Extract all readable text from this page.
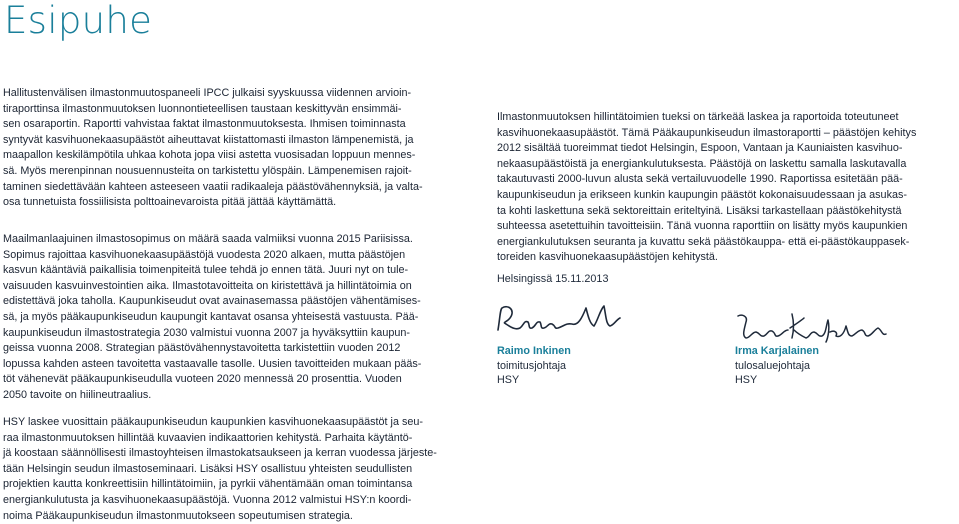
Esipuhe

Hallitustenvälisen ilmastonmuutospaneeli IPCC julkaisi syyskuussa viidennen arvioin-
tiraporttinsa ilmastonmuutoksen luonnontieteellisen taustaan keskittyvän ensimmäi-
sen osaraportin. Raportti vahvistaa faktat ilmastonmuutoksesta. Ihmisen toiminnasta
syntyvät kasvihuonekaasupäästöt aiheuttavat kiistattomasti ilmaston lämpenemistä, ja
maapallon keskilämpötila uhkaa kohota jopa viisi astetta vuosisadan loppuun mennes-
sä. Myös merenpinnan nousuennusteita on tarkistettu ylöspäin. Lämpenemisen rajoit-
taminen siedettävään kahteen asteeseen vaatii radikaaleja päästövähennyksiä, ja valta-
osa tunnetuista fossiilisista polttoainevaroista pitää jättää käyttämättä.

Maailmanlaajuinen ilmastosopimus on määrä saada valmiiksi vuonna 2015 Pariisissa.
Sopimus rajoittaa kasvihuonekaasupäästöjä vuodesta 2020 alkaen, mutta päästöjen
kasvun kääntäviä paikallisia toimenpiteitä tulee tehdä jo ennen tätä. Juuri nyt on tule-
vaisuuden kasvuinvestointien aika. Ilmastotavoitteita on kiristettävä ja hillintätoimia on
edistettävä joka taholla. Kaupunkiseudut ovat avainasemassa päästöjen vähentämises-
sä, ja myös pääkaupunkiseudun kaupungit kantavat osansa yhteisestä vastuusta. Pää-
kaupunkiseudun ilmastostrategia 2030 valmistui vuonna 2007 ja hyväksyttiin kaupun-
geissa vuonna 2008. Strategian päästövähennystavoitetta tarkistettiin vuoden 2012
lopussa kahden asteen tavoitetta vastaavalle tasolle. Uusien tavoitteiden mukaan pääs-
töt vähenevät pääkaupunkiseudulla vuoteen 2020 mennessä 20 prosenttia. Vuoden
2050 tavoite on hiilineutraalius.

HSY laskee vuosittain pääkaupunkiseudun kaupunkien kasvihuonekaasupäästöt ja seu-
raa ilmastonmuutoksen hillintää kuvaavien indikaattorien kehitystä. Parhaita käytäntö-
jä koostaan säännöllisesti ilmastoyhteisen ilmastokatsaukseen ja kerran vuodessa järjeste-
tään Helsingin seudun ilmastoseminaari. Lisäksi HSY osallistuu yhteisten seudullisten
projektien kautta konkreettisiin hillintätoimiin, ja pyrkii vähentämään oman toimintansa
energiankulutusta ja kasvihuonekaasupäästöjä. Vuonna 2012 valmistui HSY:n koordi-
noima Pääkaupunkiseudun ilmastonmuutokseen sopeutumisen strategia.

Ilmastonmuutoksen hillintätoimien tueksi on tärkeää laskea ja raportoida toteutuneet
kasvihuonekaasupäästöt. Tämä Pääkaupunkiseudun ilmastoraportti – päästöjen kehitys
2012 sisältää tuoreimmat tiedot Helsingin, Espoon, Vantaan ja Kauniaisten kasvihuo-
nekaasupäästöistä ja energiankulutuksesta. Päästöjä on laskettu samalla laskutavalla
takautuvasti 2000-luvun alusta sekä vertailuvuodelle 1990. Raportissa esitetään pää-
kaupunkiseudun ja erikseen kunkin kaupungin päästöt kokonaisuudessaan ja asukas-
ta kohti laskettuna sekä sektoreittain eriteltyinä. Lisäksi tarkastellaan päästökehitystä
suhteessa asetettuihin tavoitteisiin. Tänä vuonna raporttiin on lisätty myös kaupunkien
energiankulutuksen seuranta ja kuvattu sekä päästökauppa- että ei-päästökauppasek-
toreiden kasvihuonekaasupäästöjen kehitystä.

Helsingissä 15.11.2013
Raimo Inkinen
toimitusjohtaja
HSY
Irma Karjalainen
tulosaluejohtaja
HSY
